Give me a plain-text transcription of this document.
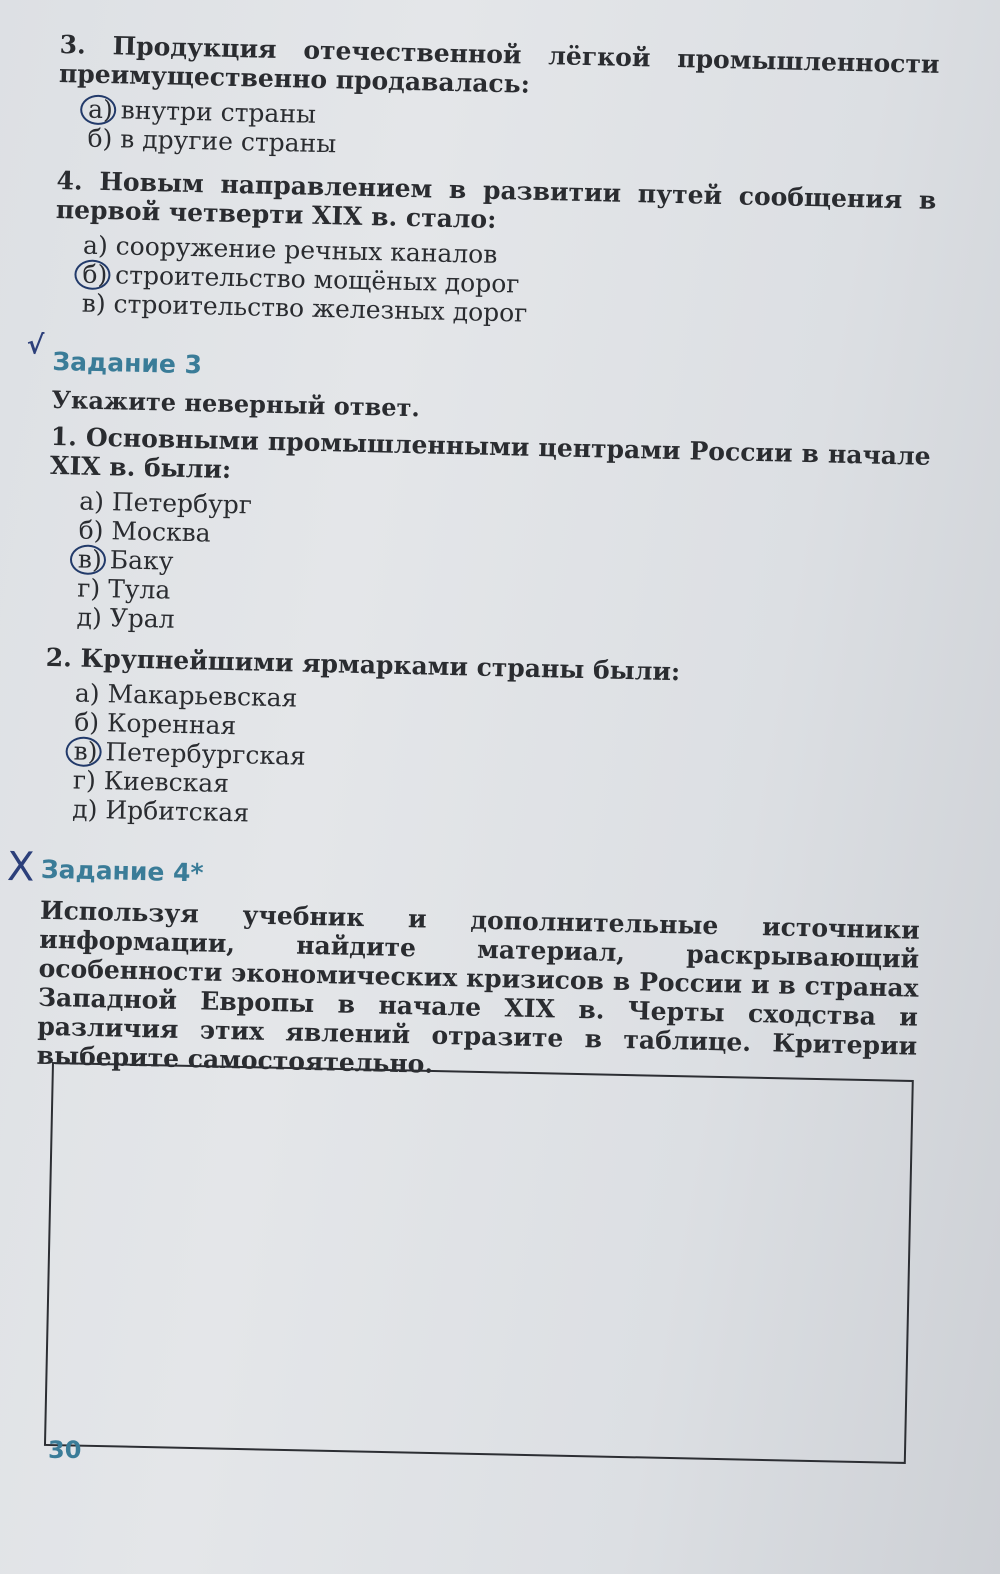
3. Продукция отечественной лёгкой промышленности преимущественно продавалась:

а) внутри страны
б) в другие страны

4. Новым направлением в развитии путей сообщения в первой четверти XIX в. стало:

а) сооружение речных каналов
б) строительство мощёных дорог
в) строительство железных дорог
√
Задание 3

Укажите неверный ответ.

1. Основными промышленными центрами России в начале XIX в. были:

а) Петербург
б) Москва
в) Баку
г) Тула
д) Урал

2. Крупнейшими ярмарками страны были:

а) Макарьевская
б) Коренная
в) Петербургская
г) Киевская
д) Ирбитская
X Задание 4*

Используя учебник и дополнительные источники информации, найдите материал, раскрывающий особенности экономических кризисов в России и в странах Западной Европы в начале XIX в. Черты сходства и различия этих явлений отразите в таблице. Критерии выберите самостоятельно.

30
